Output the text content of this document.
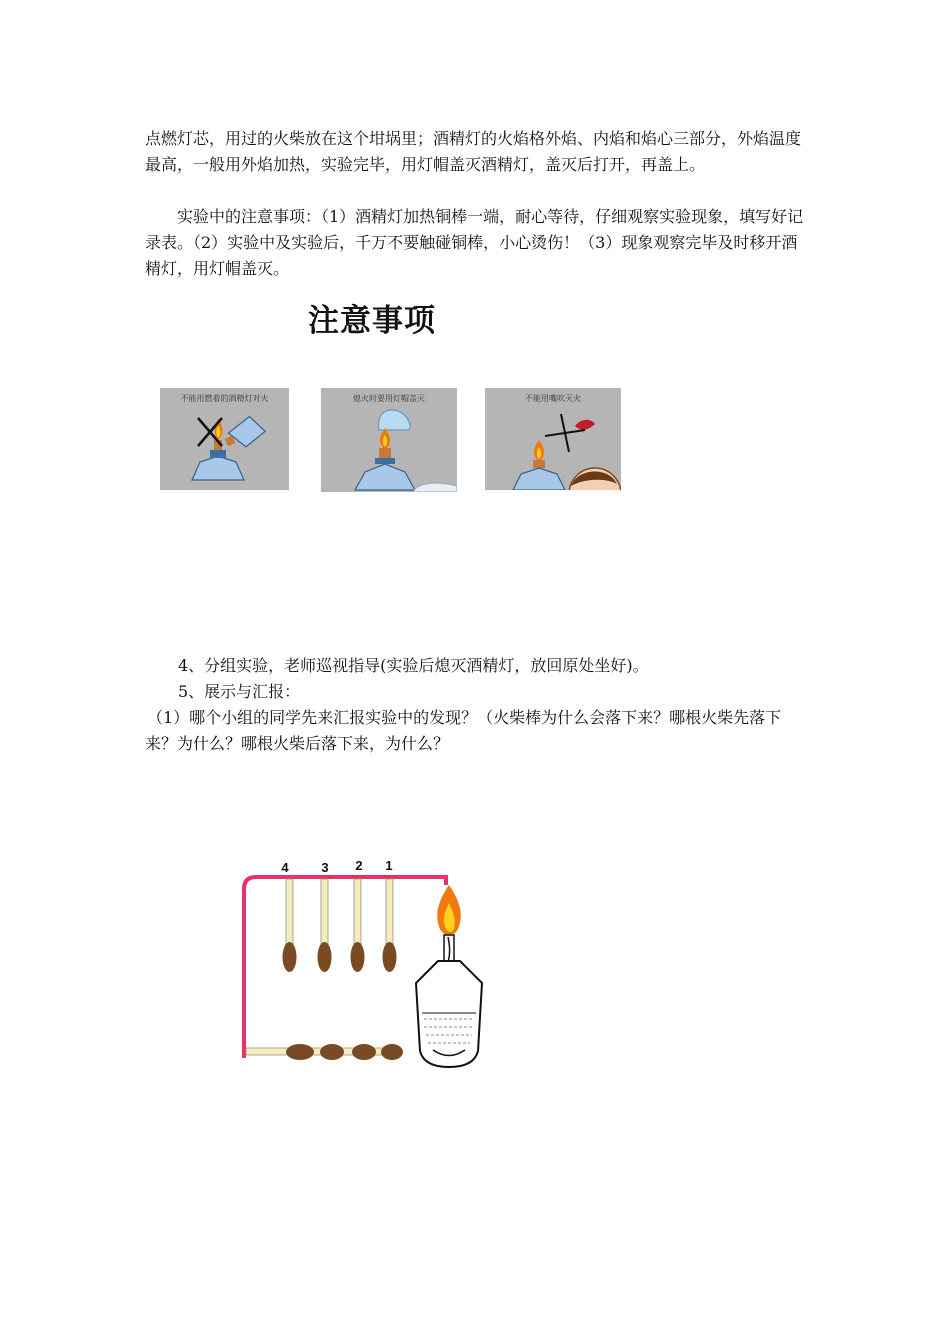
点燃灯芯，用过的火柴放在这个坩埚里；酒精灯的火焰格外焰、内焰和焰心三部分，外焰温度最高，一般用外焰加热，实验完毕，用灯帽盖灭酒精灯，盖灭后打开，再盖上。

实验中的注意事项：（1）酒精灯加热铜棒一端，耐心等待，仔细观察实验现象，填写好记录表。（2）实验中及实验后，千万不要触碰铜棒，小心烫伤！（3）现象观察完毕及时移开酒精灯，用灯帽盖灭。

注意事项
不能用燃着的酒精灯对火	熄火时要用灯帽盖灭	不能用嘴吹灭火

4、分组实验，老师巡视指导(实验后熄灭酒精灯，放回原处坐好)。

5、展示与汇报：

（1）哪个小组的同学先来汇报实验中的发现？（火柴棒为什么会落下来？哪根火柴先落下来？为什么？哪根火柴后落下来，为什么？

4	3 2 1
